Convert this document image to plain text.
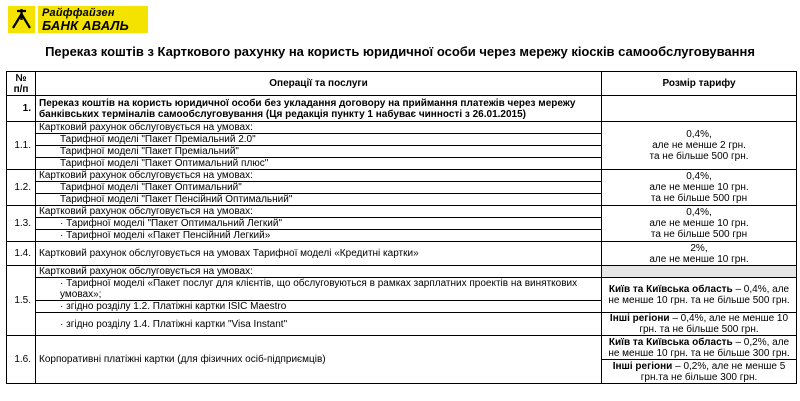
Райффайзен
БАНК АВАЛЬ
Переказ коштів з Карткового рахунку на користь юридичної особи через мережу кіосків самообслуговування
№ п/п	Операції та послуги	Розмір тарифу
1.	Переказ коштів на користь юридичної особи без укладання договору на приймання платежів через мережу банківських терміналів самообслуговування (Ця редакція пункту 1 набуває чинності з 26.01.2015)	
1.1.	Картковий рахунок обслуговується на умовах:	0,4%,
але не менше 2 грн.
та не більше 500 грн.

	Тарифної моделі "Пакет Преміальний 2.0"	
	Тарифної моделі "Пакет Преміальний"	
	Тарифної моделі "Пакет Оптимальний плюс"	
1.2.	Картковий рахунок обслуговується на умовах:	0,4%,
але не менше 10 грн.
та не більше 500 грн

	Тарифної моделі "Пакет Оптимальний"	
	Тарифної моделі "Пакет Пенсійний Оптимальний"	
1.3.	Картковий рахунок обслуговується на умовах:	0,4%,
але не менше 10 грн.
та не більше 500 грн

	· Тарифної моделі "Пакет Оптимальний Легкий"	
	· Тарифної моделі «Пакет Пенсійний Легкий»	
1.4.	Картковий рахунок обслуговується на умовах Тарифної моделі «Кредитні картки»	2%,
але не менше 10 грн.

1.5.	Картковий рахунок обслуговується на умовах:	
	· Тарифної моделі «Пакет послуг для клієнтів, що обслуговуються в рамках зарплатних проектів на виняткових умовах»;	Київ та Київська область – 0,4%, але не менше 10 грн. та не більше 500 грн.
	· згідно розділу 1.2. Платіжні картки ISIC Maestro	
	· згідно розділу 1.4. Платіжні картки "Visa Instant"	Інші регіони – 0,4%, але не менше 10 грн. та не більше 500 грн.
1.6.	Корпоративні платіжні картки (для фізичних осіб-підприємців)	Київ та Київська область – 0,2%, але не менше 10 грн. та не більше 300 грн.
		Інші регіони – 0,2%, але не менше 5 грн.та не більше 300 грн.
